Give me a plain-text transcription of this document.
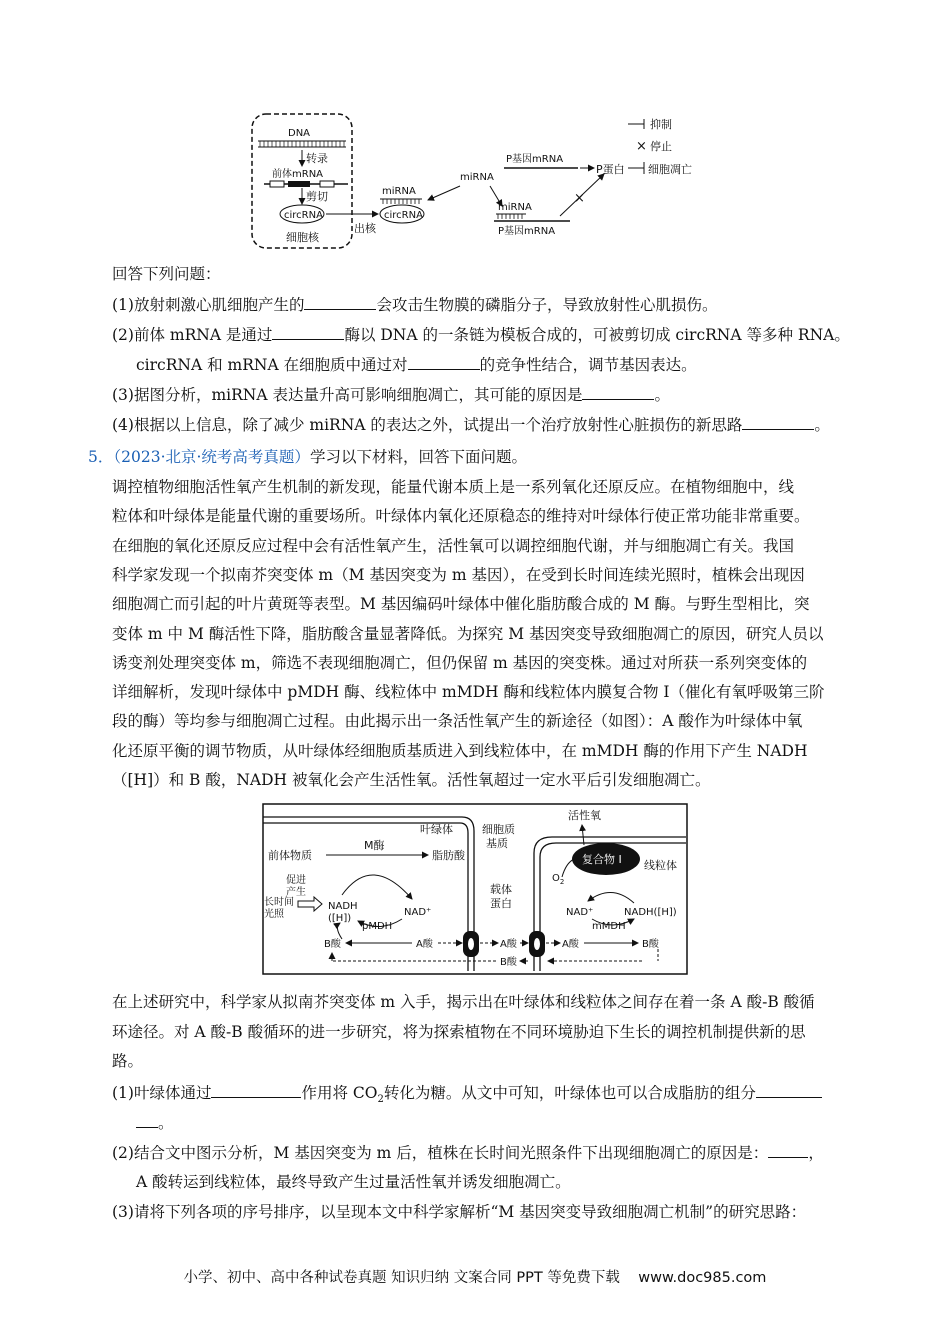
DNA
转录
前体mRNA
剪切
circRNA
细胞核
出核
miRNA
circRNA
miRNA
P基因mRNA
P蛋白 细胞凋亡
miRNA
P基因mRNA
×
抑制
× 停止
回答下列问题：
(1)放射刺激心肌细胞产生的	会攻击生物膜的磷脂分子，导致放射性心肌损伤。
(2)前体 mRNA 是通过	酶以 DNA 的一条链为模板合成的，可被剪切成 circRNA 等多种 RNA。
circRNA 和 mRNA 在细胞质中通过对	的竞争性结合，调节基因表达。
(3)据图分析，miRNA 表达量升高可影响细胞凋亡，其可能的原因是	。
(4)根据以上信息，除了减少 miRNA 的表达之外，试提出一个治疗放射性心脏损伤的新思路	。
5．（2023·北京·统考高考真题）学习以下材料，回答下面问题。
调控植物细胞活性氧产生机制的新发现，能量代谢本质上是一系列氧化还原反应。在植物细胞中，线
粒体和叶绿体是能量代谢的重要场所。叶绿体内氧化还原稳态的维持对叶绿体行使正常功能非常重要。
在细胞的氧化还原反应过程中会有活性氧产生，活性氧可以调控细胞代谢，并与细胞凋亡有关。我国
科学家发现一个拟南芥突变体 m（M 基因突变为 m 基因），在受到长时间连续光照时，植株会出现因
细胞凋亡而引起的叶片黄斑等表型。M 基因编码叶绿体中催化脂肪酸合成的 M 酶。与野生型相比，突
变体 m 中 M 酶活性下降，脂肪酸含量显著降低。为探究 M 基因突变导致细胞凋亡的原因，研究人员以
诱变剂处理突变体 m，筛选不表现细胞凋亡，但仍保留 m 基因的突变株。通过对所获一系列突变体的
详细解析，发现叶绿体中 pMDH 酶、线粒体中 mMDH 酶和线粒体内膜复合物 I（催化有氧呼吸第三阶
段的酶）等均参与细胞凋亡过程。由此揭示出一条活性氧产生的新途径（如图）：A 酸作为叶绿体中氧
化还原平衡的调节物质，从叶绿体经细胞质基质进入到线粒体中，在 mMDH 酶的作用下产生 NADH
（[H]）和 B 酸，NADH 被氧化会产生活性氧。活性氧超过一定水平后引发细胞凋亡。
叶绿体	细胞质
基质
活性氧
复合物 I 线粒体
$O_2$
前体物质
M酶
脂肪酸
促进
产生
长时间
光照
NADH
([H])
NAD⁺
pMDH
B酸	A酸
载体
蛋白
A酸
B酸
A酸	B酸
NAD⁺	NADH([H])
mMDH
在上述研究中，科学家从拟南芥突变体 m 入手，揭示出在叶绿体和线粒体之间存在着一条 A 酸-B 酸循
环途径。对 A 酸-B 酸循环的进一步研究，将为探索植物在不同环境胁迫下生长的调控机制提供新的思
路。
(1)叶绿体通过	作用将 $CO_2$转化为糖。从文中可知，叶绿体也可以合成脂肪的组分
。
(2)结合文中图示分析，M 基因突变为 m 后，植株在长时间光照条件下出现细胞凋亡的原因是：	，
A 酸转运到线粒体，最终导致产生过量活性氧并诱发细胞凋亡。
(3)请将下列各项的序号排序，以呈现本文中科学家解析“M 基因突变导致细胞凋亡机制”的研究思路：
小学、初中、高中各种试卷真题 知识归纳 文案合同 PPT 等免费下载 www.doc985.com
